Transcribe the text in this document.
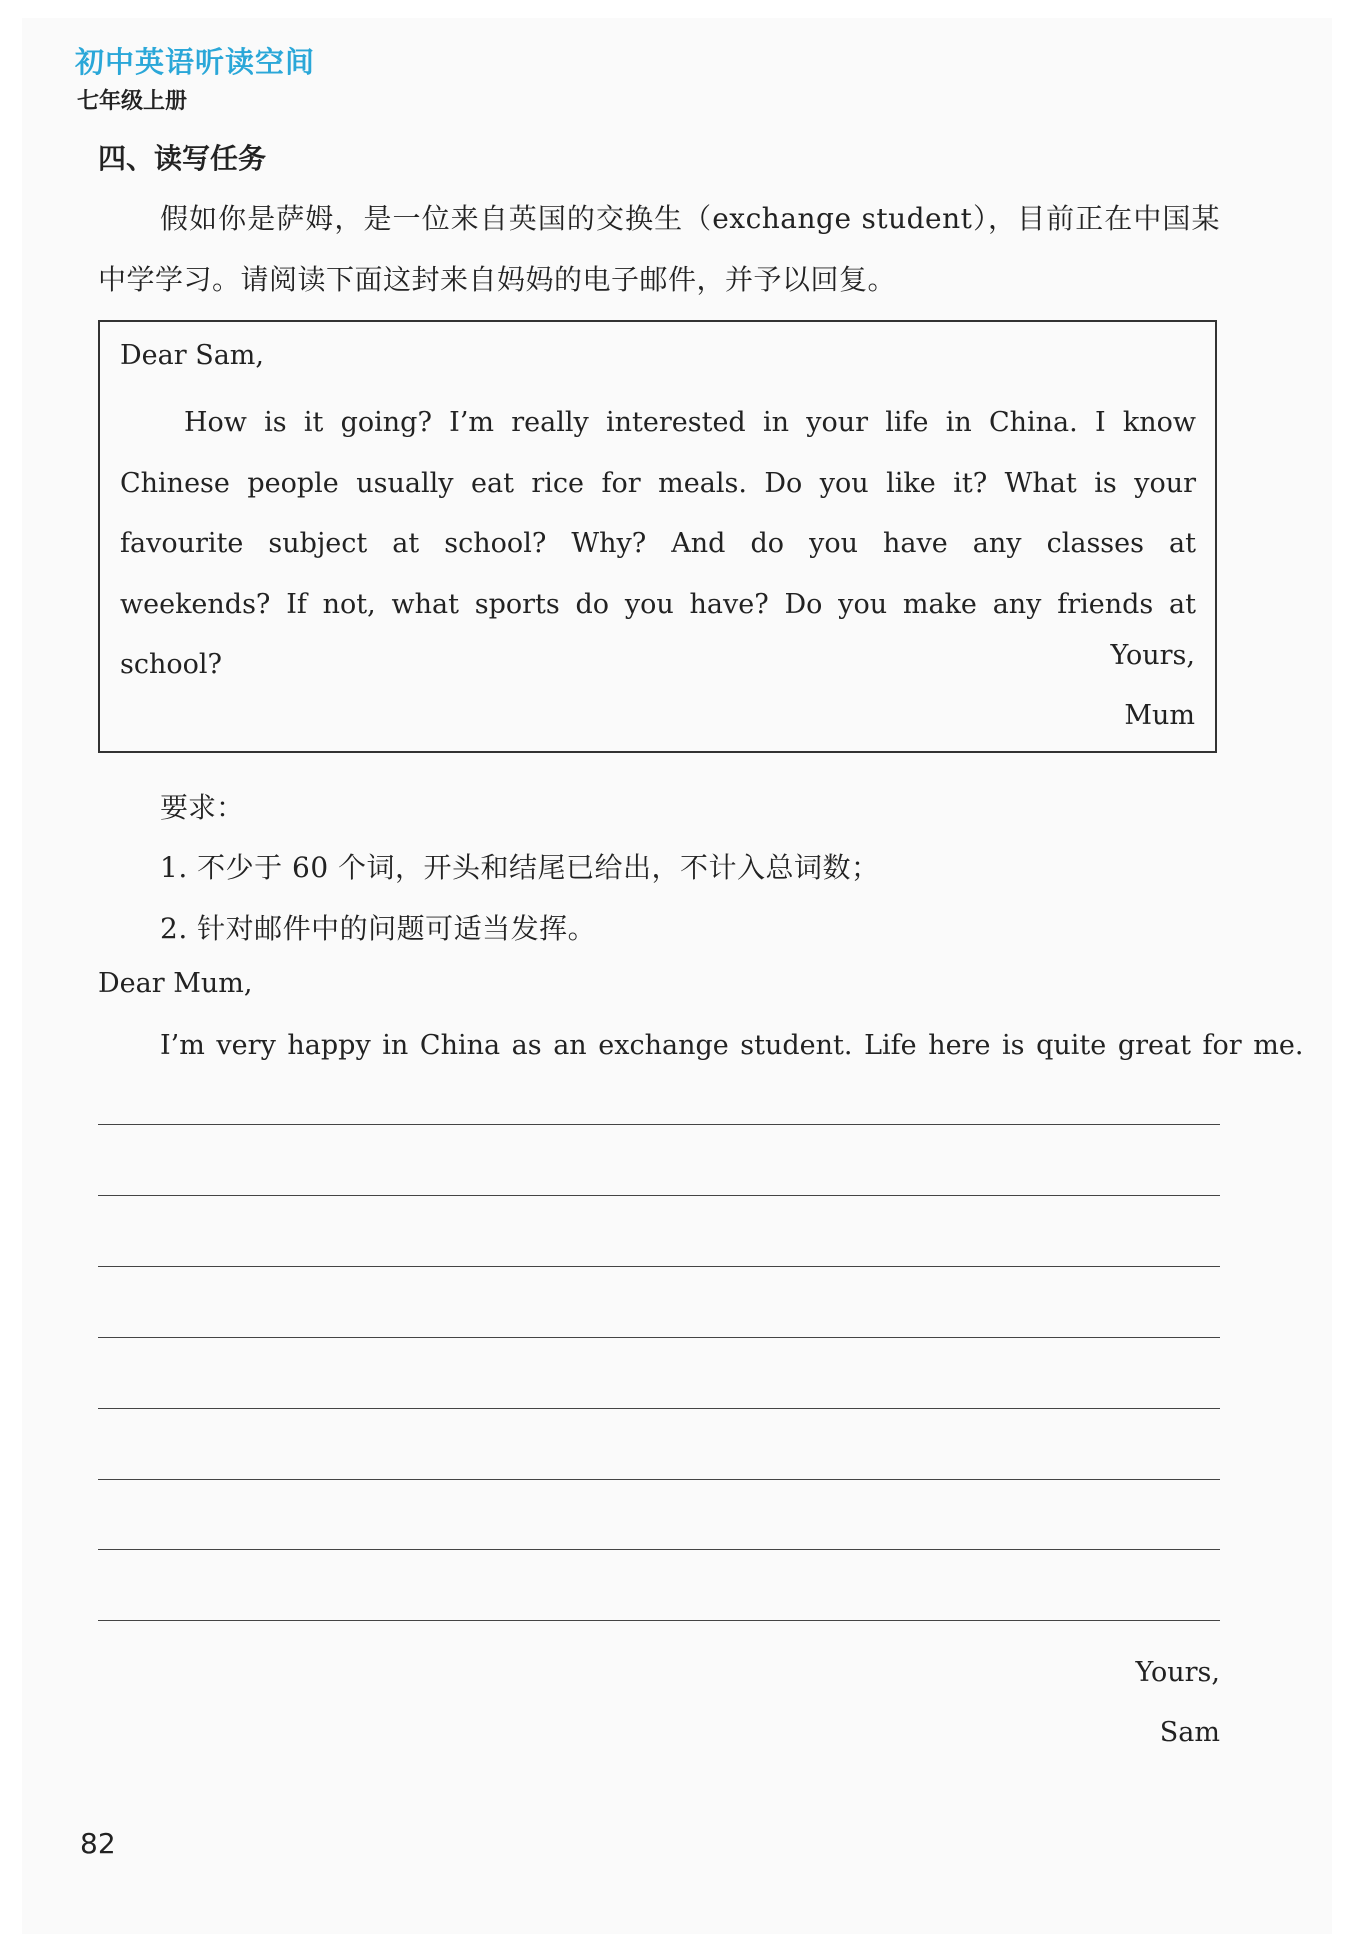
初中英语听读空间
七年级上册
四、读写任务
假如你是萨姆，是一位来自英国的交换生（exchange student），目前正在中国某中学学习。请阅读下面这封来自妈妈的电子邮件，并予以回复。
Dear Sam,
How is it going? I’m really interested in your life in China. I know Chinese people usually eat rice for meals. Do you like it? What is your favourite subject at school? Why? And do you have any classes at weekends? If not, what sports do you have? Do you make any friends at school?	Yours,
Mum
要求：
1. 不少于 60 个词，开头和结尾已给出，不计入总词数；
2. 针对邮件中的问题可适当发挥。
Dear Mum,
I’m very happy in China as an exchange student. Life here is quite great for me.
Yours,
Sam
82
